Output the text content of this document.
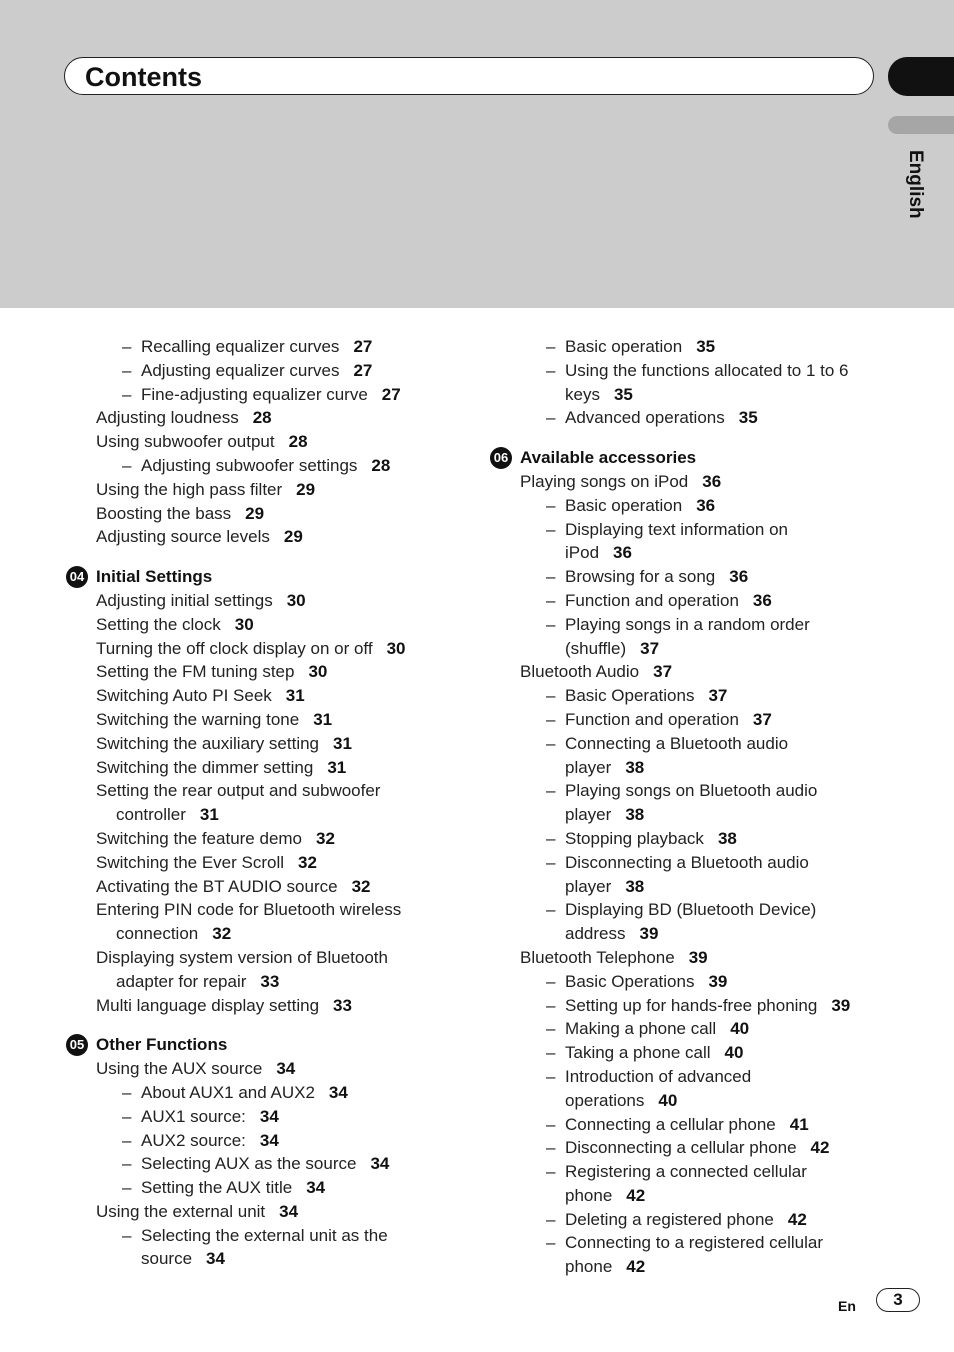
Contents
English
– Recalling equalizer curves 27
– Adjusting equalizer curves 27
– Fine-adjusting equalizer curve 27
Adjusting loudness 28
Using subwoofer output 28
– Adjusting subwoofer settings 28
Using the high pass filter 29
Boosting the bass 29
Adjusting source levels 29
04 Initial Settings
Adjusting initial settings 30
Setting the clock 30
Turning the off clock display on or off 30
Setting the FM tuning step 30
Switching Auto PI Seek 31
Switching the warning tone 31
Switching the auxiliary setting 31
Switching the dimmer setting 31
Setting the rear output and subwoofer

controller 31
Switching the feature demo 32
Switching the Ever Scroll 32
Activating the BT AUDIO source 32
Entering PIN code for Bluetooth wireless

connection 32
Displaying system version of Bluetooth

adapter for repair 33
Multi language display setting 33
05 Other Functions
Using the AUX source 34
– About AUX1 and AUX2 34
– AUX1 source: 34
– AUX2 source: 34
– Selecting AUX as the source 34
– Setting the AUX title 34
Using the external unit 34
– Selecting the external unit as the

source 34
– Basic operation 35
– Using the functions allocated to 1 to 6

keys 35
– Advanced operations 35
06 Available accessories
Playing songs on iPod 36
– Basic operation 36
– Displaying text information on

iPod 36
– Browsing for a song 36
– Function and operation 36
– Playing songs in a random order

(shuffle) 37
Bluetooth Audio 37
– Basic Operations 37
– Function and operation 37
– Connecting a Bluetooth audio

player 38
– Playing songs on Bluetooth audio

player 38
– Stopping playback 38
– Disconnecting a Bluetooth audio

player 38
– Displaying BD (Bluetooth Device)

address 39
Bluetooth Telephone 39
– Basic Operations 39
– Setting up for hands-free phoning 39
– Making a phone call 40
– Taking a phone call 40
– Introduction of advanced

operations 40
– Connecting a cellular phone 41
– Disconnecting a cellular phone 42
– Registering a connected cellular

phone 42
– Deleting a registered phone 42
– Connecting to a registered cellular

phone 42
En	3
